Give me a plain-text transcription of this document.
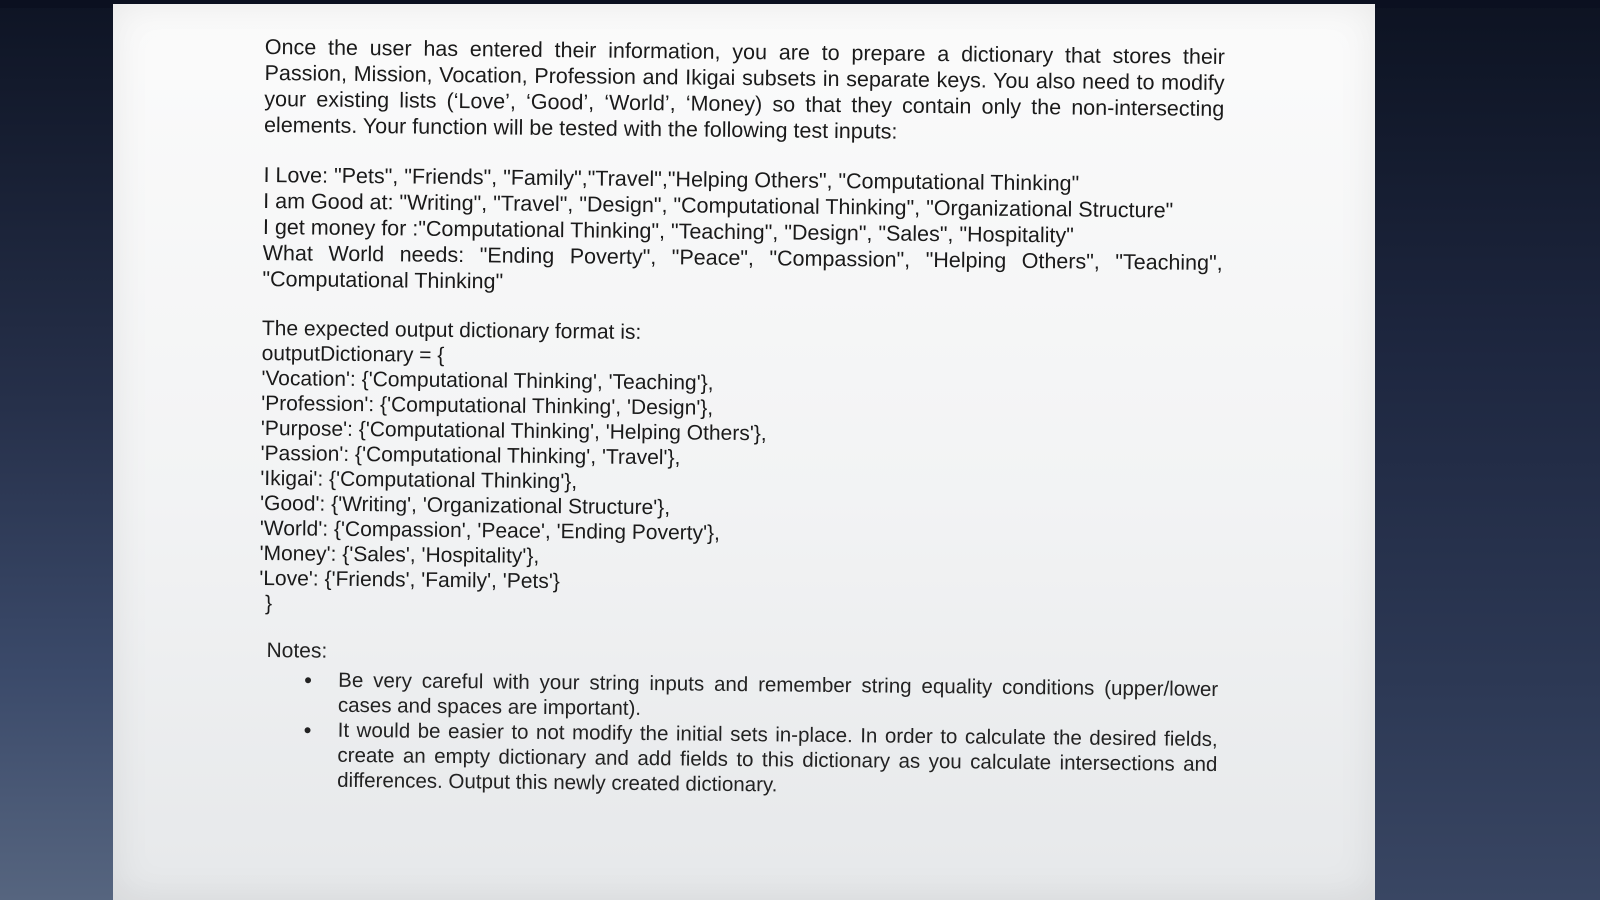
Once the user has entered their information, you are to prepare a dictionary that stores their Passion, Mission, Vocation, Profession and Ikigai subsets in separate keys. You also need to modify your existing lists (‘Love’, ‘Good’, ‘World’, ‘Money) so that they contain only the non-intersecting elements. Your function will be tested with the following test inputs:

I Love: "Pets", "Friends", "Family","Travel","Helping Others", "Computational Thinking"
I am Good at: "Writing", "Travel", "Design", "Computational Thinking", "Organizational Structure"
I get money for :"Computational Thinking", "Teaching", "Design", "Sales", "Hospitality"
What World needs: "Ending Poverty", "Peace", "Compassion", "Helping Others", "Teaching", "Computational Thinking"
The expected output dictionary format is:
outputDictionary = {
'Vocation': {'Computational Thinking', 'Teaching'},
'Profession': {'Computational Thinking', 'Design'},
'Purpose': {'Computational Thinking', 'Helping Others'},
'Passion': {'Computational Thinking', 'Travel'},
'Ikigai': {'Computational Thinking'},
'Good': {'Writing', 'Organizational Structure'},
'World': {'Compassion', 'Peace', 'Ending Poverty'},
'Money': {'Sales', 'Hospitality'},
'Love': {'Friends', 'Family', 'Pets'}
}
Notes:
• Be very careful with your string inputs and remember string equality conditions (upper/lower cases and spaces are important).
• It would be easier to not modify the initial sets in-place. In order to calculate the desired fields, create an empty dictionary and add fields to this dictionary as you calculate intersections and differences. Output this newly created dictionary.
